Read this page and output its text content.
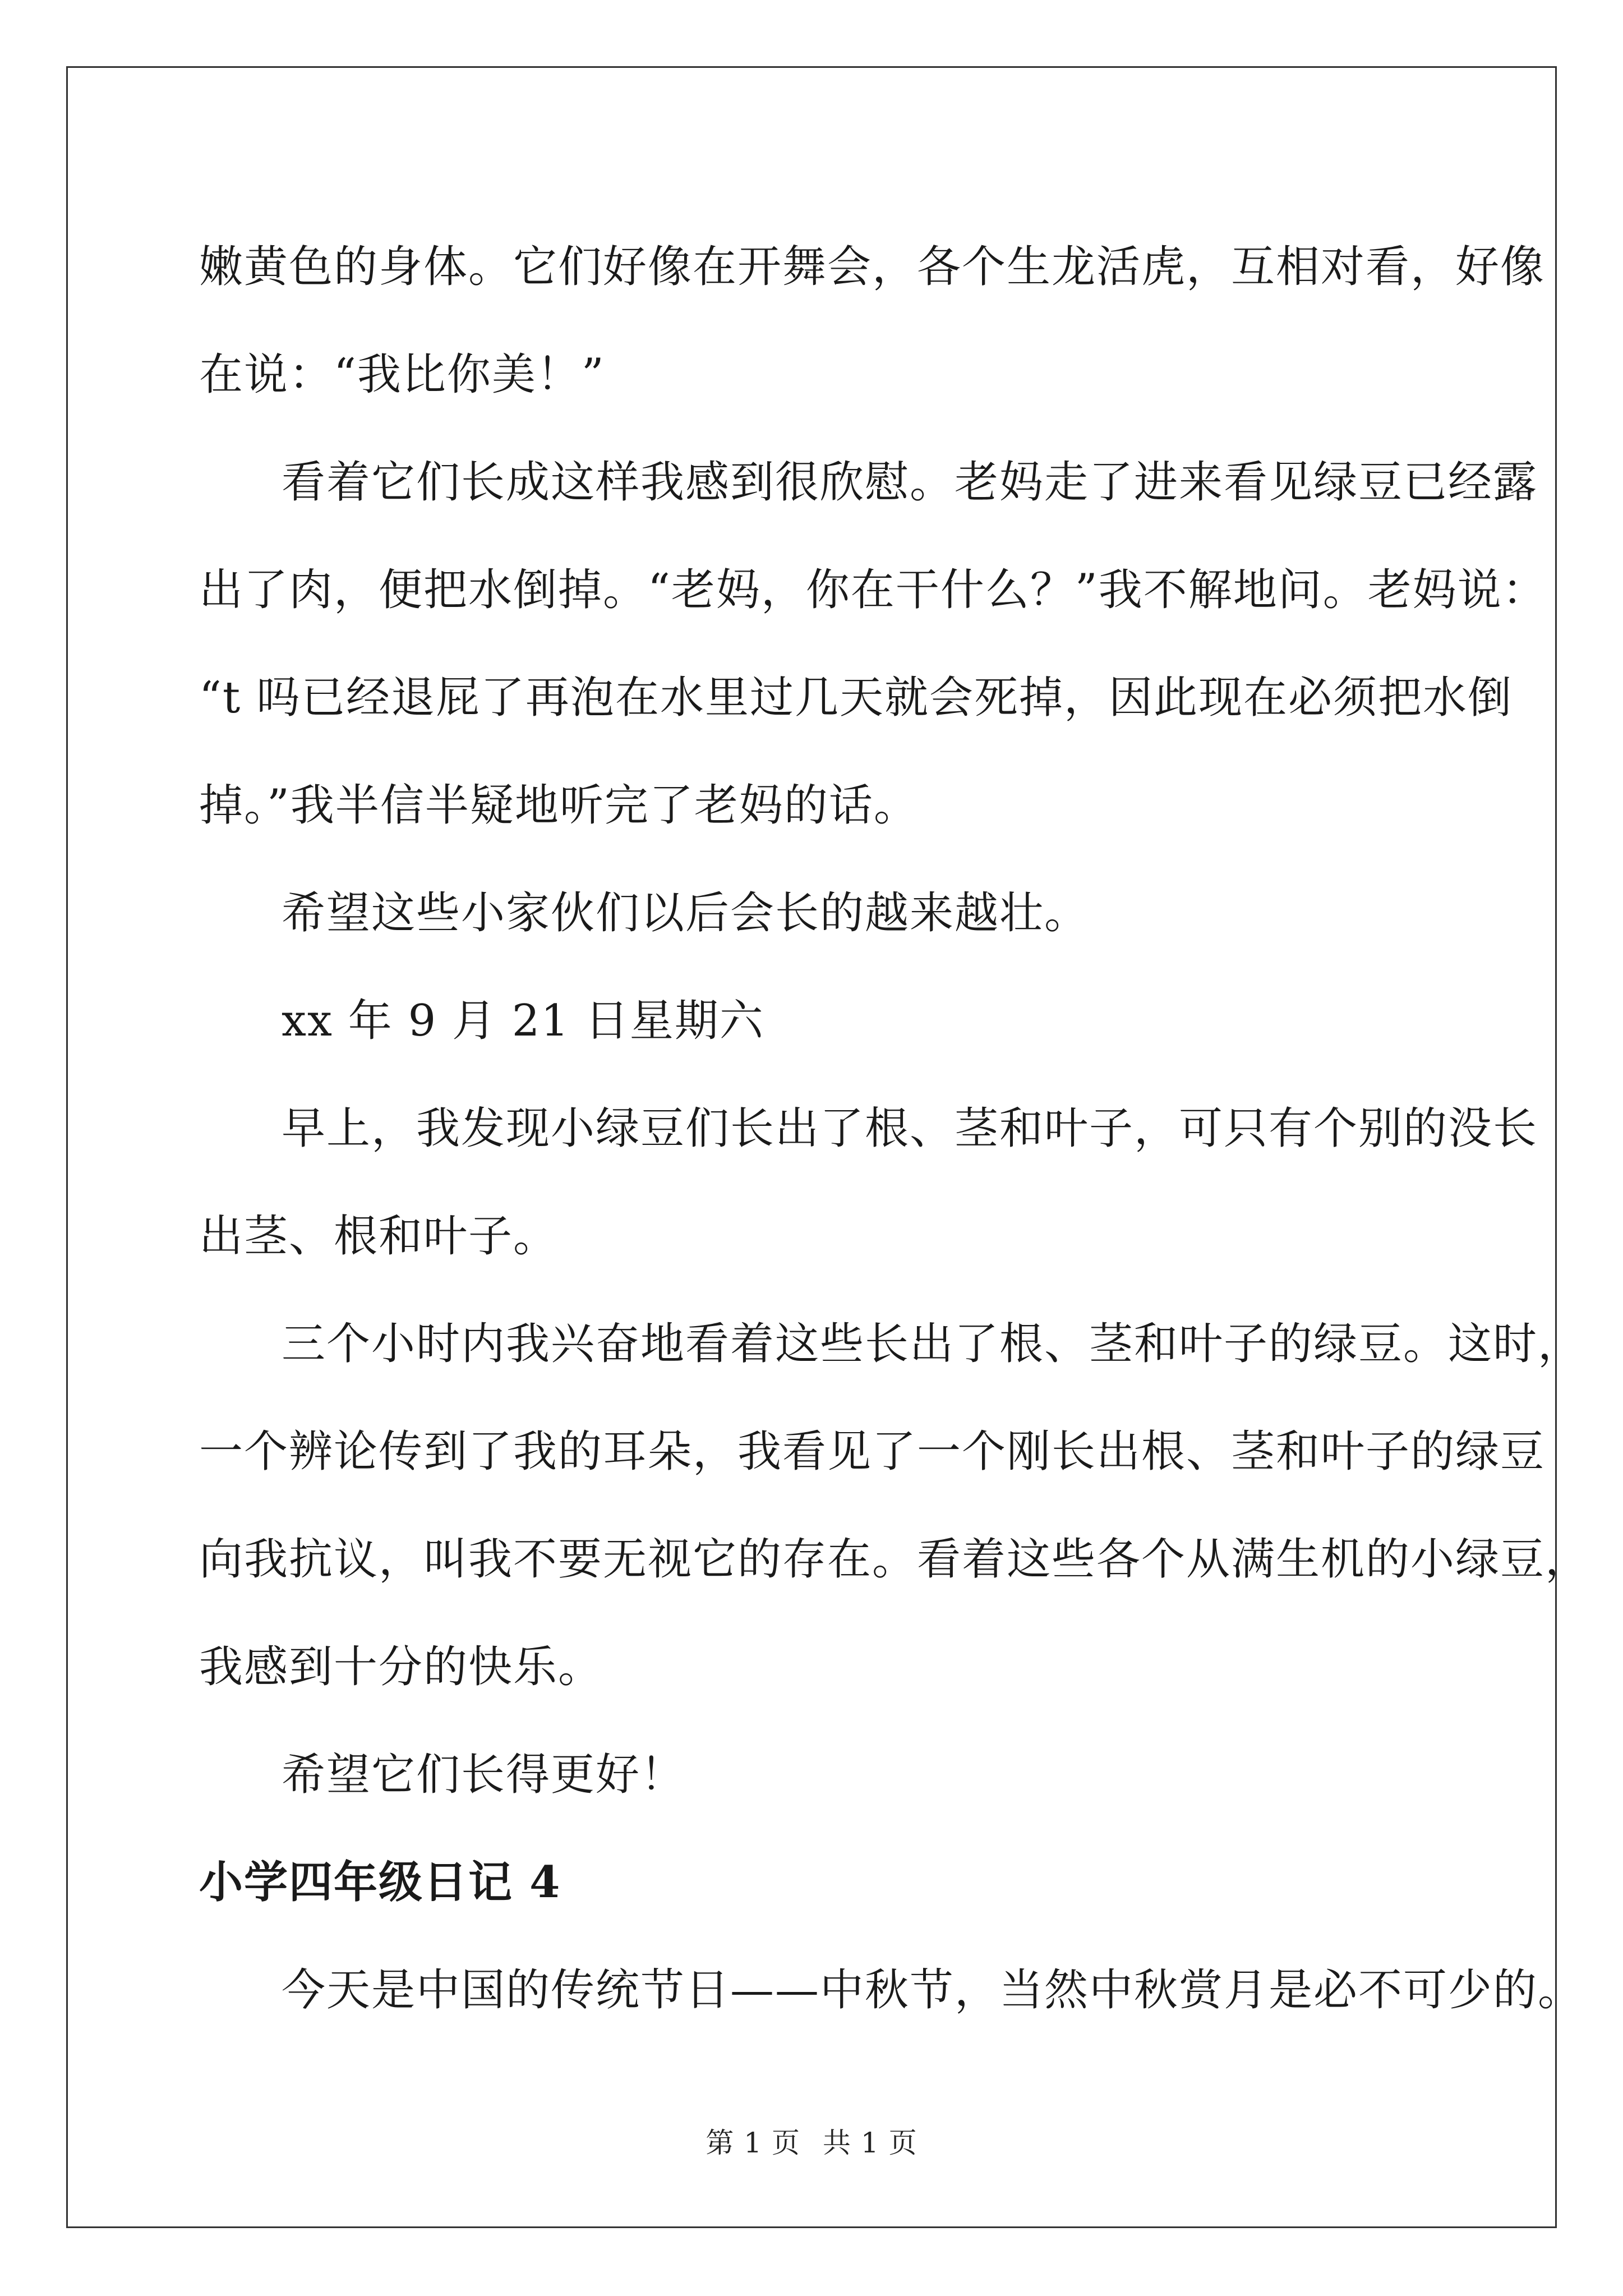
嫩黄色的身体。它们好像在开舞会，各个生龙活虎，互相对看，好像
在说：“我比你美！”

看着它们长成这样我感到很欣慰。老妈走了进来看见绿豆已经露
出了肉，便把水倒掉。“老妈，你在干什么？”我不解地问。老妈说：
“t 吗已经退屁了再泡在水里过几天就会死掉，因此现在必须把水倒
掉。”我半信半疑地听完了老妈的话。

希望这些小家伙们以后会长的越来越壮。

xx 年 9 月 21 日星期六

早上，我发现小绿豆们长出了根、茎和叶子，可只有个别的没长
出茎、根和叶子。

三个小时内我兴奋地看着这些长出了根、茎和叶子的绿豆。这时，
一个辨论传到了我的耳朵，我看见了一个刚长出根、茎和叶子的绿豆
向我抗议，叫我不要无视它的存在。看着这些各个从满生机的小绿豆，
我感到十分的快乐。

希望它们长得更好！

小学四年级日记 4

今天是中国的传统节日——中秋节，当然中秋赏月是必不可少的。

第 1 页 共 1 页
